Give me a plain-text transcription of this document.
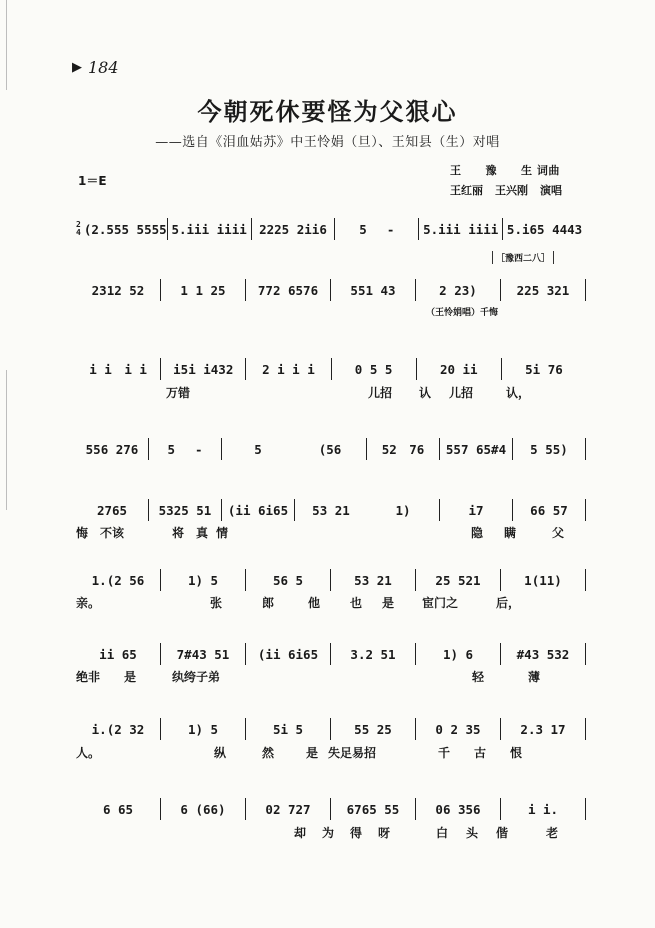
▶ 184
今朝死休要怪为父狠心
——选自《泪血姑苏》中王怜娟（旦）、王知县（生）对唱
1＝E
王 豫 生 词曲
王红丽 王兴刚 演唱
［豫西二八］
2
4 (2.555 5555 5.iii iiii 2225 2ii6	5　 -	5.iii iiii 5.i65 4443
2312 52	1 1 25	772 6576	551 43	2 23)	225 321
（王怜娟唱）千悔
i i　i i	i5i i432	2 i i i	0 5 5	20 ii	5i 76
万错	儿招 认 儿招	认，
556 276	5　 -	5	(56	52　76	557 65#4	5 55)
2765	5325 51	(ii 6i65	53 21	1)	i7	66 57
悔 不该	将 真 情	隐 瞒	父
1.(2 56	1) 5	56 5	53 21	25 521	1(11)
亲。	张	郎	他 也 是 宦门之	后，
ii 65	7#43 51	(ii 6i65	3.2 51	1) 6	#43 532
绝非 是	纨绔子弟	轻	薄
i.(2 32	1) 5	5i 5	55 25	0 2 35	2.3 17
人。	纵	然	是 失足易招	千 古 恨
6 65	6 (66)	02 727	6765 55	06 356	i i.
却 为 得 呀	白 头 偕	老
